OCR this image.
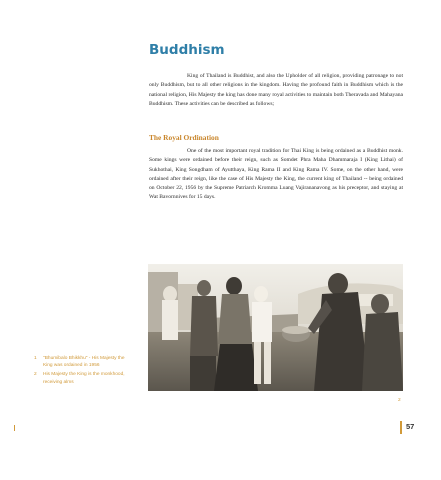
Buddhism

King of Thailand is Buddhist, and also the Upholder of all religion, providing patronage to not only Buddhism, but to all other religions in the kingdom. Having the profound faith in Buddhism which is the national religion, His Majesty the king has done many royal activities to maintain both Theravada and Mahayana Buddhism. These activities can be described as follows;

The Royal Ordination

One of the most important royal tradition for Thai King is being ordained as a Buddhist monk. Some kings were ordained before their reign, such as Somdet Phra Maha Dhammaraja I (King Lithai) of Sukhothai, King Songdham of Ayutthaya, King Rama II and King Rama IV. Some, on the other hand, were ordained after their reign, like the case of His Majesty the King, the current king of Thailand -- being ordained on October 22, 1956 by the Supreme Patriarch Kromma Luang Vajirananavong as his preceptor, and staying at Wat Bavornnives for 15 days.

1 "Bhumibalo Bhikkhu" - His Majesty the King was ordained in 1956
2 His Majesty the King is the monkhood, receiving alms
2
57
